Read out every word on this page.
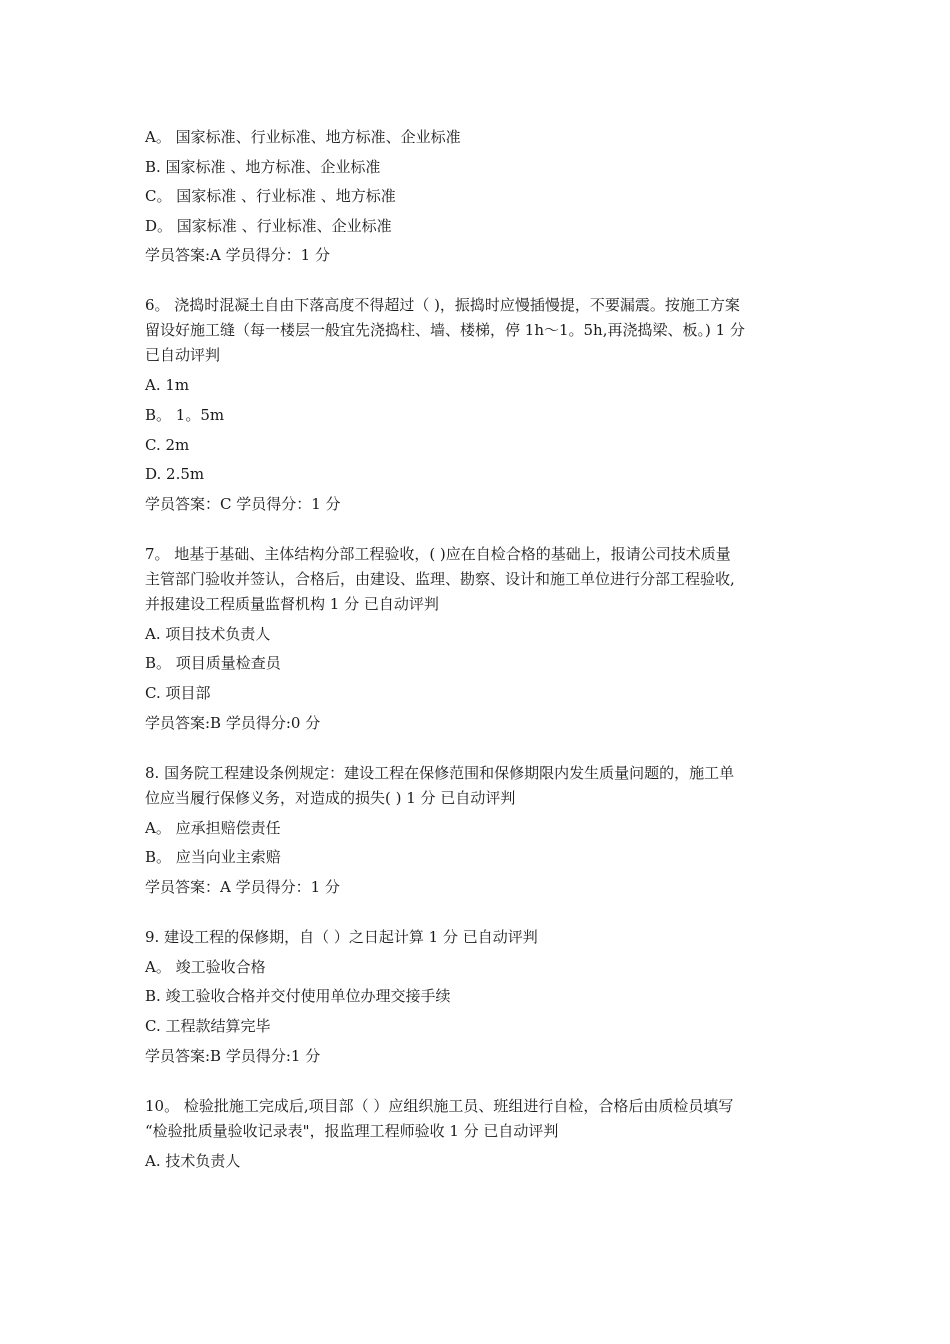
A。 国家标准、行业标准、地方标准、企业标准
B. 国家标准 、地方标准、企业标准
C。 国家标准 、行业标准 、地方标准
D。 国家标准 、行业标准、企业标准
学员答案:A 学员得分：1 分
6。 浇捣时混凝土自由下落高度不得超过（ )，振捣时应慢插慢提，不要漏震。按施工方案
留设好施工缝（每一楼层一般宜先浇捣柱、墙、楼梯，停 1h～1。5h,再浇捣梁、板。) 1 分
已自动评判
A. 1m
B。 1。5m
C. 2m
D. 2.5m
学员答案：C 学员得分：1 分
7。 地基于基础、主体结构分部工程验收，( )应在自检合格的基础上，报请公司技术质量
主管部门验收并签认，合格后，由建设、监理、勘察、设计和施工单位进行分部工程验收,
并报建设工程质量监督机构 1 分 已自动评判
A. 项目技术负责人
B。 项目质量检查员
C. 项目部
学员答案:B 学员得分:0 分
8. 国务院工程建设条例规定：建设工程在保修范围和保修期限内发生质量问题的，施工单
位应当履行保修义务，对造成的损失( ) 1 分 已自动评判
A。 应承担赔偿责任
B。 应当向业主索赔
学员答案：A 学员得分：1 分
9. 建设工程的保修期，自（ ）之日起计算 1 分 已自动评判
A。 竣工验收合格
B. 竣工验收合格并交付使用单位办理交接手续
C. 工程款结算完毕
学员答案:B 学员得分:1 分
10。 检验批施工完成后,项目部（ ）应组织施工员、班组进行自检，合格后由质检员填写
“检验批质量验收记录表"，报监理工程师验收 1 分 已自动评判
A. 技术负责人
